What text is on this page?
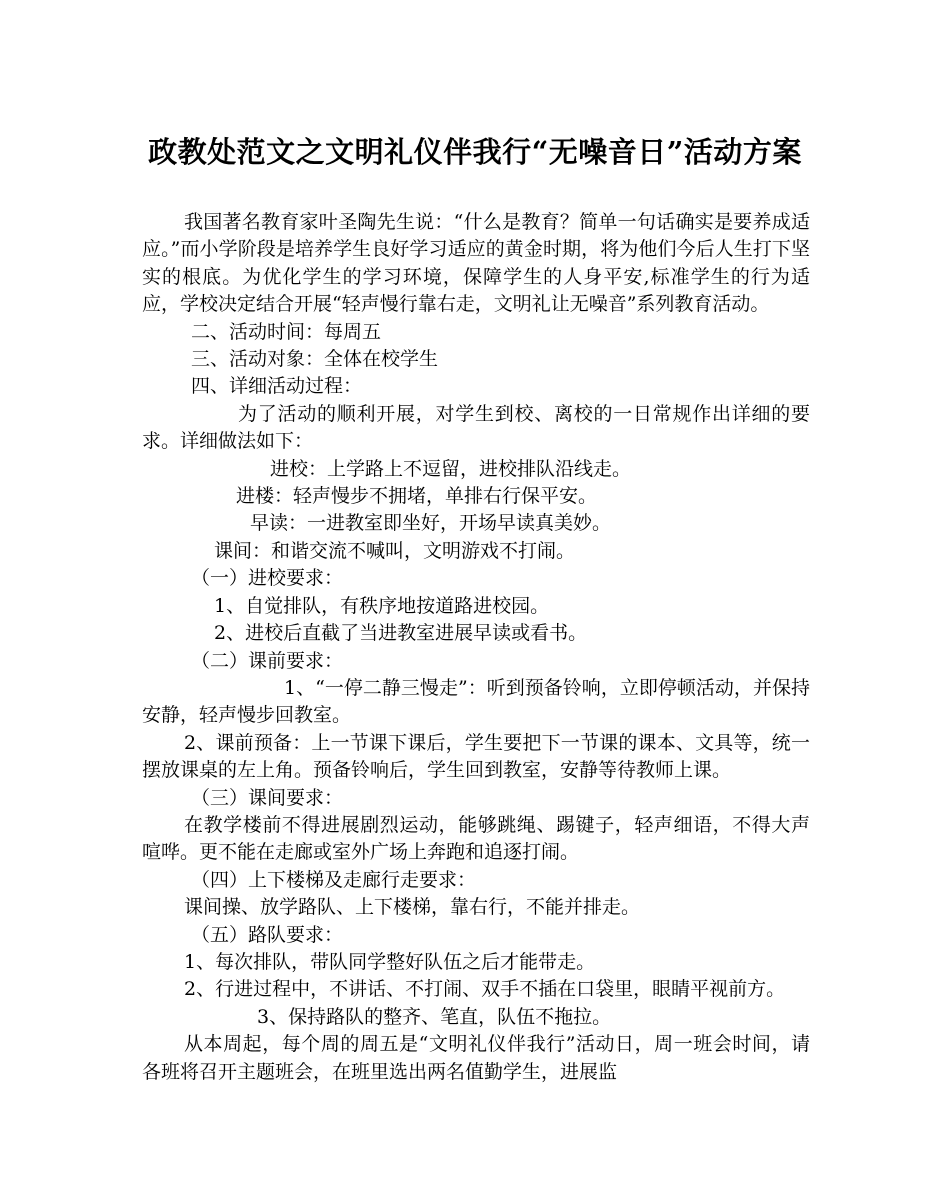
政教处范文之文明礼仪伴我行“无噪音日”活动方案

我国著名教育家叶圣陶先生说：“什么是教育？简单一句话确实是要养成适应。”而小学阶段是培养学生良好学习适应的黄金时期，将为他们今后人生打下坚实的根底。为优化学生的学习环境，保障学生的人身平安,标准学生的行为适应，学校决定结合开展“轻声慢行靠右走，文明礼让无噪音”系列教育活动。

二、活动时间：每周五

三、活动对象：全体在校学生

四、详细活动过程：

为了活动的顺利开展，对学生到校、离校的一日常规作出详细的要求。详细做法如下：

进校：上学路上不逗留，进校排队沿线走。

进楼：轻声慢步不拥堵，单排右行保平安。

早读：一进教室即坐好，开场早读真美妙。

课间：和谐交流不喊叫，文明游戏不打闹。

（一）进校要求：

1、自觉排队，有秩序地按道路进校园。

2、进校后直截了当进教室进展早读或看书。

（二）课前要求：

1、“一停二静三慢走”：听到预备铃响，立即停顿活动，并保持安静，轻声慢步回教室。

2、课前预备：上一节课下课后，学生要把下一节课的课本、文具等，统一摆放课桌的左上角。预备铃响后，学生回到教室，安静等待教师上课。

（三）课间要求：

在教学楼前不得进展剧烈运动，能够跳绳、踢键子，轻声细语，不得大声喧哗。更不能在走廊或室外广场上奔跑和追逐打闹。

（四）上下楼梯及走廊行走要求：

课间操、放学路队、上下楼梯，靠右行，不能并排走。

（五）路队要求：

1、每次排队，带队同学整好队伍之后才能带走。

2、行进过程中，不讲话、不打闹、双手不插在口袋里，眼睛平视前方。

3、保持路队的整齐、笔直，队伍不拖拉。

从本周起，每个周的周五是“文明礼仪伴我行”活动日，周一班会时间，请各班将召开主题班会，在班里选出两名值勤学生，进展监
